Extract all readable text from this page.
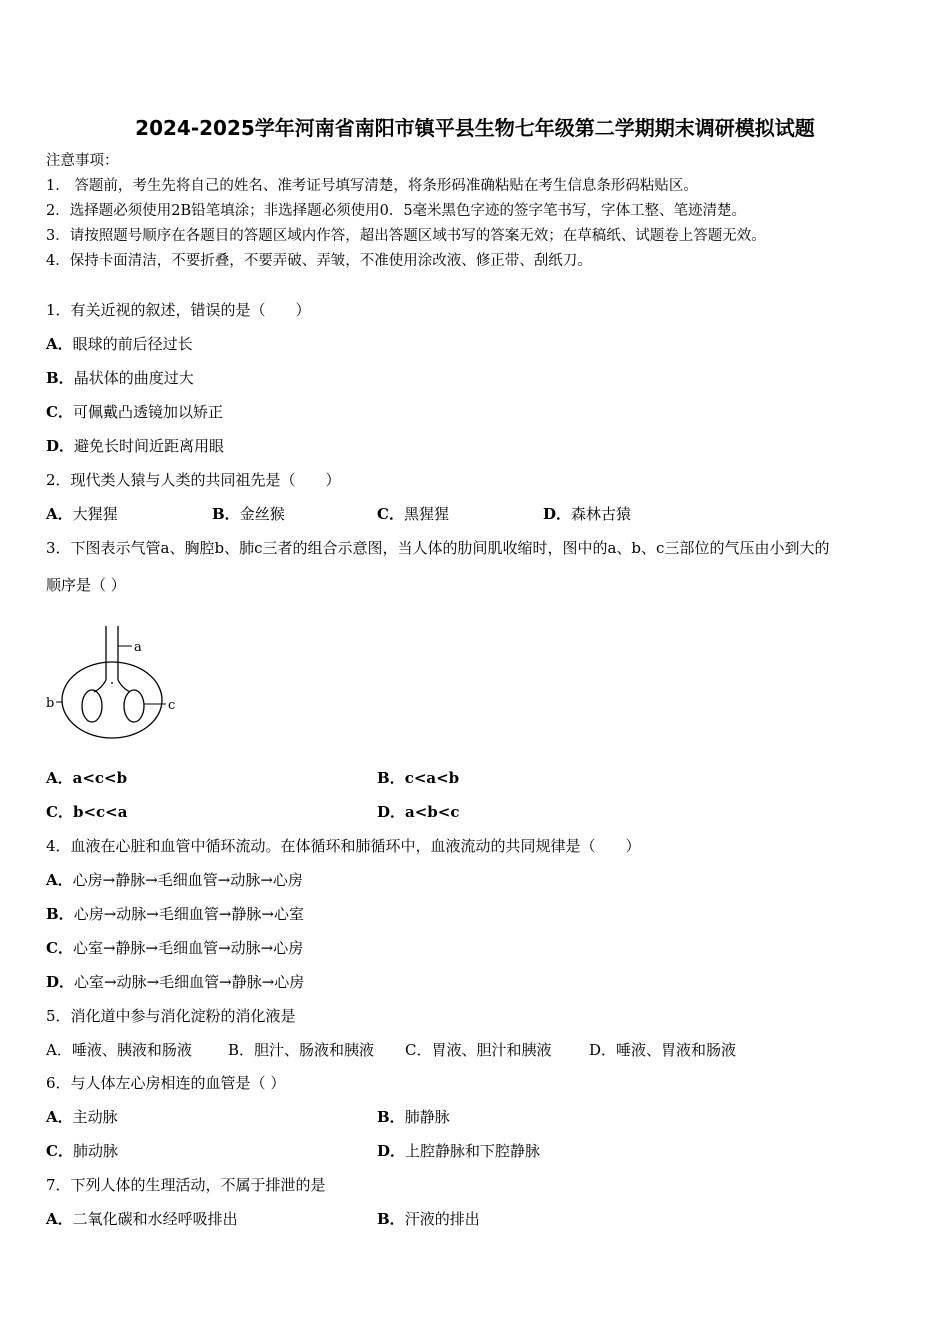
2024-2025学年河南省南阳市镇平县生物七年级第二学期期末调研模拟试题
注意事项：
1． 答题前，考生先将自己的姓名、准考证号填写清楚，将条形码准确粘贴在考生信息条形码粘贴区。
2．选择题必须使用2B铅笔填涂；非选择题必须使用0．5毫米黑色字迹的签字笔书写，字体工整、笔迹清楚。
3．请按照题号顺序在各题目的答题区域内作答，超出答题区域书写的答案无效；在草稿纸、试题卷上答题无效。
4．保持卡面清洁，不要折叠，不要弄破、弄皱，不准使用涂改液、修正带、刮纸刀。
1．有关近视的叙述，错误的是（　　）
A．眼球的前后径过长
B．晶状体的曲度过大
C．可佩戴凸透镜加以矫正
D．避免长时间近距离用眼
2．现代类人猿与人类的共同祖先是（　　）
A．大猩猩	B．金丝猴	C．黑猩猩	D．森林古猿
3．下图表示气管a、胸腔b、肺c三者的组合示意图，当人体的肋间肌收缩时，图中的a、b、c三部位的气压由小到大的
顺序是（ ）
a
b	c
A．a<c<b	B．c<a<b
C．b<c<a	D．a<b<c
4．血液在心脏和血管中循环流动。在体循环和肺循环中，血液流动的共同规律是（　　）
A．心房→静脉→毛细血管→动脉→心房
B．心房→动脉→毛细血管→静脉→心室
C．心室→静脉→毛细血管→动脉→心房
D．心室→动脉→毛细血管→静脉→心房
5．消化道中参与消化淀粉的消化液是
A．唾液、胰液和肠液 B．胆汁、肠液和胰液 C．胃液、胆汁和胰液	D．唾液、胃液和肠液
6．与人体左心房相连的血管是（ ）
A．主动脉	B．肺静脉
C．肺动脉	D．上腔静脉和下腔静脉
7．下列人体的生理活动，不属于排泄的是
A．二氧化碳和水经呼吸排出	B．汗液的排出
